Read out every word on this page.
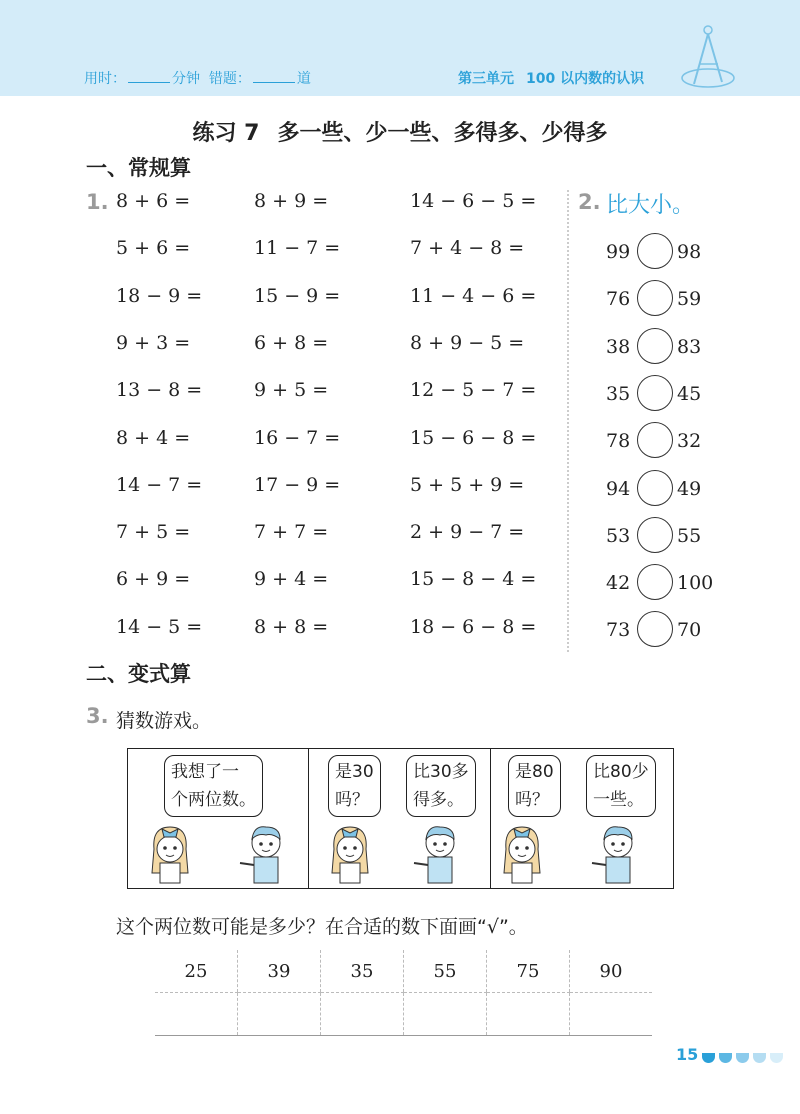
用时：	分钟 错题：	道	第三单元 100 以内数的认识
练习 7 多一些、少一些、多得多、少得多
一、常规算
1. 8 + 6 =	8 + 9 =	14 − 6 − 5 =
5 + 6 =	11 − 7 =	7 + 4 − 8 =
18 − 9 =	15 − 9 =	11 − 4 − 6 =
9 + 3 =	6 + 8 =	8 + 9 − 5 =
13 − 8 =	9 + 5 =	12 − 5 − 7 =
8 + 4 =	16 − 7 =	15 − 6 − 8 =
14 − 7 =	17 − 9 =	5 + 5 + 9 =
7 + 5 =	7 + 7 =	2 + 9 − 7 =
6 + 9 =	9 + 4 =	15 − 8 − 4 =
14 − 5 =	8 + 8 =	18 − 6 − 8 =
2. 比大小。
99 98
76 59
38 83
35 45
78 32
94 49
53 55
42 100
73 70
二、变式算
3. 猜数游戏。
我想了一
个两位数。
是30
吗？
比30多
得多。
是80
吗？
比80少
一些。
这个两位数可能是多少？在合适的数下面画“√”。
25	39	35	55	75	90

15
